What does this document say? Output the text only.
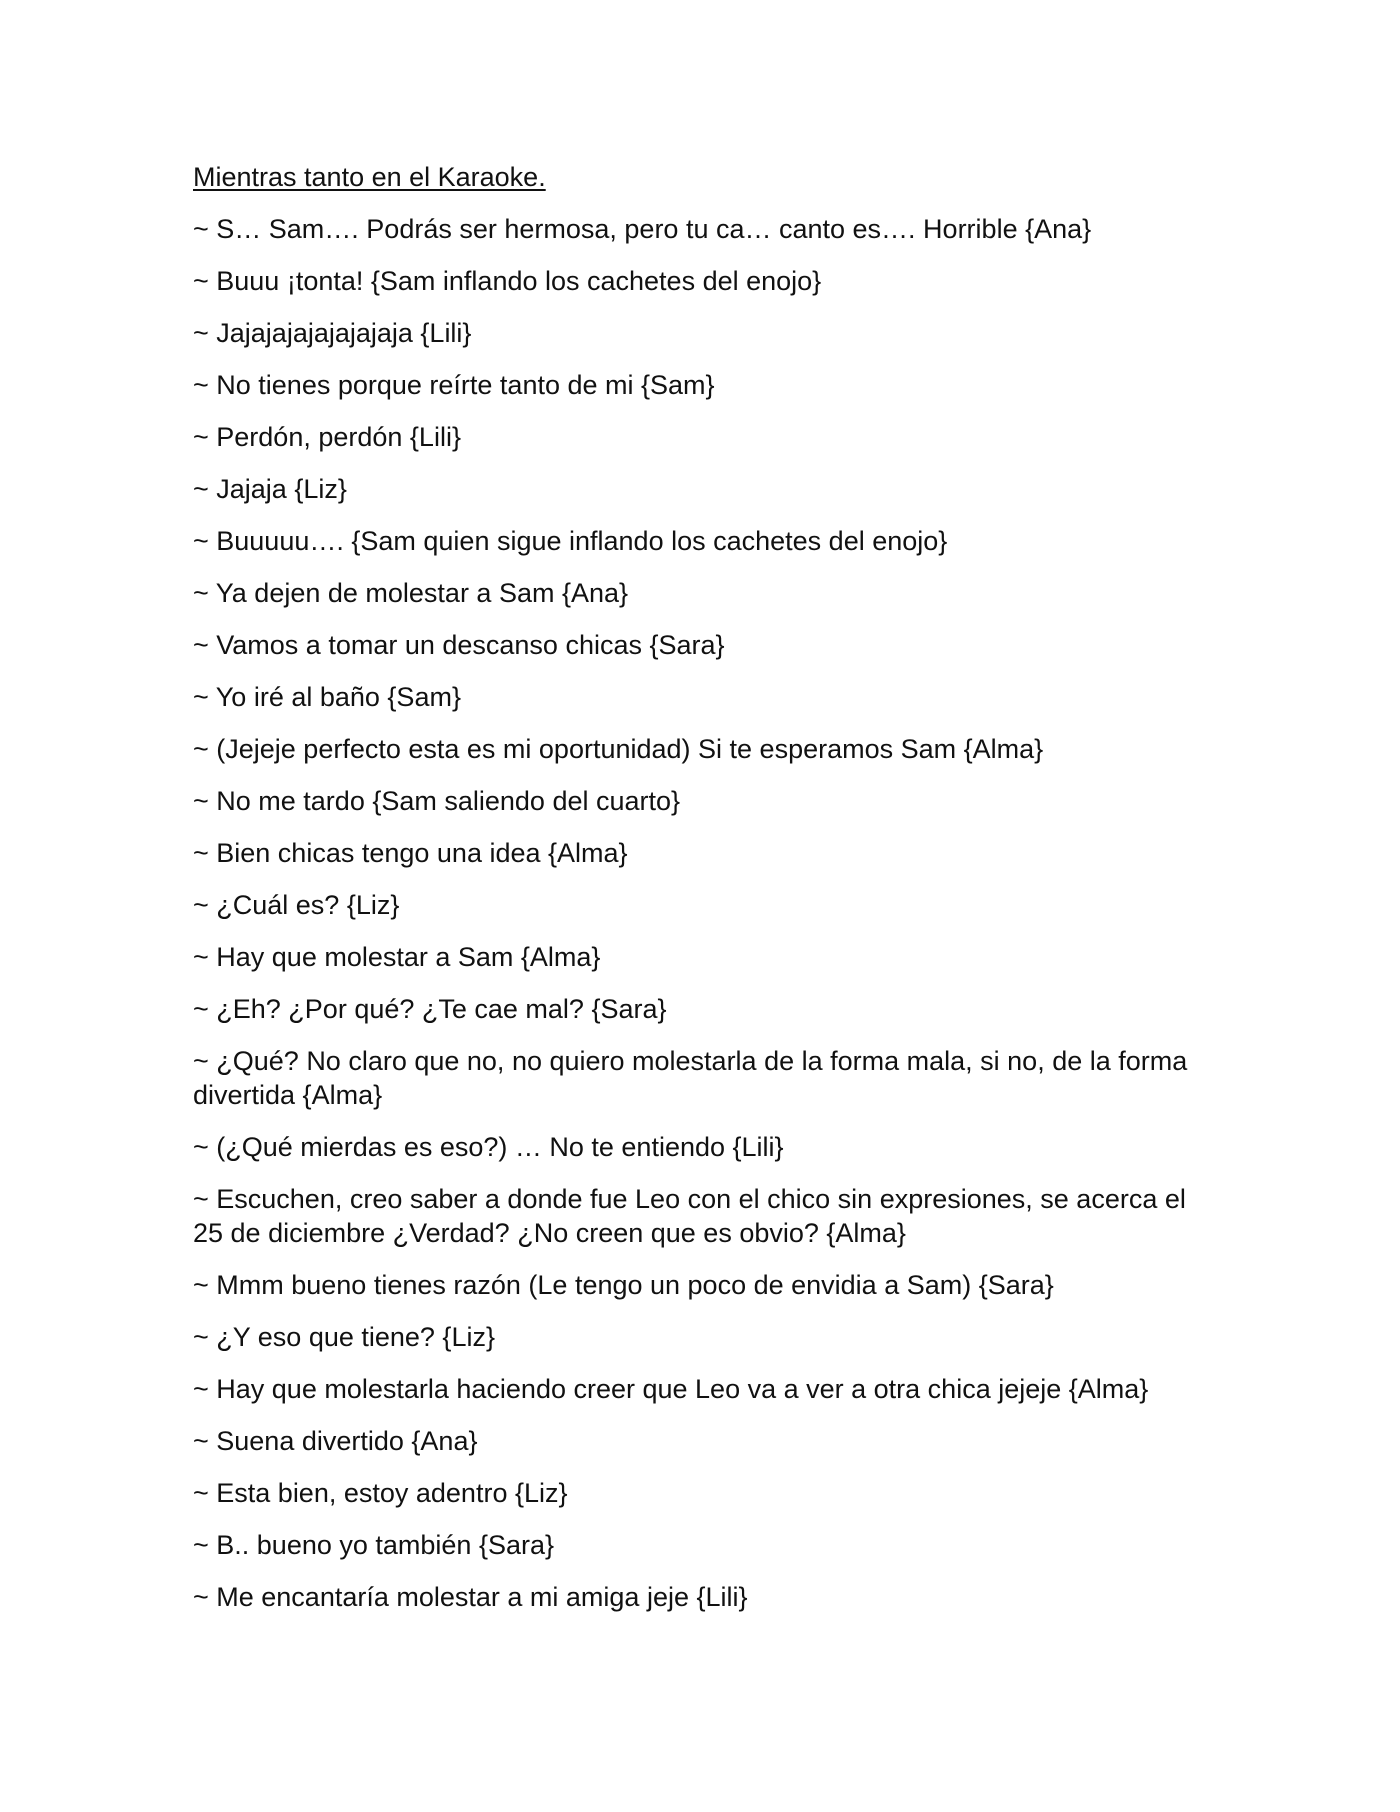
Mientras tanto en el Karaoke.
~ S… Sam…. Podrás ser hermosa, pero tu ca… canto es…. Horrible {Ana}
~ Buuu ¡tonta! {Sam inflando los cachetes del enojo}
~ Jajajajajajajajaja {Lili}
~ No tienes porque reírte tanto de mi {Sam}
~ Perdón, perdón {Lili}
~ Jajaja {Liz}
~ Buuuuu…. {Sam quien sigue inflando los cachetes del enojo}
~ Ya dejen de molestar a Sam {Ana}
~ Vamos a tomar un descanso chicas {Sara}
~ Yo iré al baño {Sam}
~ (Jejeje perfecto esta es mi oportunidad) Si te esperamos Sam {Alma}
~ No me tardo {Sam saliendo del cuarto}
~ Bien chicas tengo una idea {Alma}
~ ¿Cuál es? {Liz}
~ Hay que molestar a Sam {Alma}
~ ¿Eh? ¿Por qué? ¿Te cae mal? {Sara}
~ ¿Qué? No claro que no, no quiero molestarla de la forma mala, si no, de la forma divertida {Alma}
~ (¿Qué mierdas es eso?) … No te entiendo {Lili}
~ Escuchen, creo saber a donde fue Leo con el chico sin expresiones, se acerca el 25 de diciembre ¿Verdad? ¿No creen que es obvio? {Alma}
~ Mmm bueno tienes razón (Le tengo un poco de envidia a Sam) {Sara}
~ ¿Y eso que tiene? {Liz}
~ Hay que molestarla haciendo creer que Leo va a ver a otra chica jejeje {Alma}
~ Suena divertido {Ana}
~ Esta bien, estoy adentro {Liz}
~ B.. bueno yo también {Sara}
~ Me encantaría molestar a mi amiga jeje {Lili}
